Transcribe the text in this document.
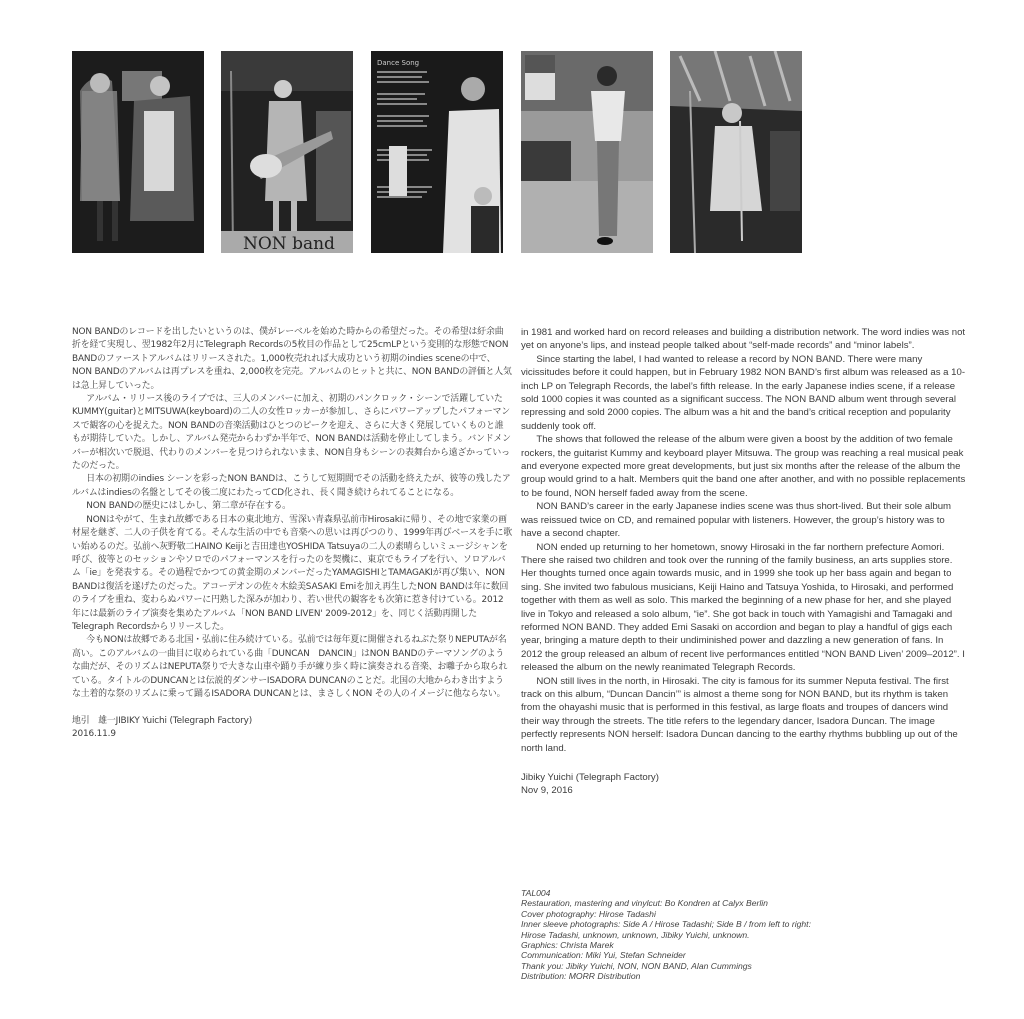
NON band
Dance Song

NON BANDのレコードを出したいというのは、僕がレーベルを始めた時からの希望だった。その希望は紆余曲折を経て実現し、翌1982年2月にTelegraph Recordsの5枚目の作品として25cmLPという変則的な形態でNON BANDのファーストアルバムはリリースされた。1,000枚売れれば大成功という初期のindies sceneの中で、NON BANDのアルバムは再プレスを重ね、2,000枚を完売。アルバムのヒットと共に、NON BANDの評価と人気は急上昇していった。

アルバム・リリース後のライブでは、三人のメンバーに加え、初期のパンクロック・シーンで活躍していたKUMMY(guitar)とMITSUWA(keyboard)の二人の女性ロッカーが参加し、さらにパワーアップしたパフォーマンスで観客の心を捉えた。NON BANDの音楽活動はひとつのピークを迎え、さらに大きく発展していくものと誰もが期待していた。しかし、アルバム発売からわずか半年で、NON BANDは活動を停止してしまう。バンドメンバーが相次いで脱退、代わりのメンバーを見つけられないまま、NON自身もシーンの表舞台から遠ざかっていったのだった。

日本の初期のindies シーンを彩ったNON BANDは、こうして短期間でその活動を終えたが、彼等の残したアルバムはindiesの名盤としてその後二度にわたってCD化され、長く聞き続けられてることになる。

NON BANDの歴史にはしかし、第二章が存在する。

NONはやがて、生まれ故郷である日本の東北地方、雪深い青森県弘前市Hirosakiに帰り、その地で家業の画材屋を継ぎ、二人の子供を育てる。そんな生活の中でも音楽への思いは再びつのり、1999年再びベースを手に歌い始めるのだ。弘前へ灰野敬二HAINO Keijiと吉田達也YOSHIDA Tatsuyaの二人の素晴らしいミュージシャンを呼び、彼等とのセッションやソロでのパフォーマンスを行ったのを契機に、東京でもライブを行い、ソロアルバム「ie」を発表する。その過程でかつての黄金期のメンバーだったYAMAGISHIとTAMAGAKIが再び集い、NON BANDは復活を遂げたのだった。アコーデオンの佐々木絵美SASAKI Emiを加え再生したNON BANDは年に数回のライブを重ね、変わらぬパワーに円熟した深みが加わり、若い世代の観客をも次第に惹き付けている。2012年には最新のライブ演奏を集めたアルバム「NON BAND LIVEN' 2009-2012」を、同じく活動再開したTelegraph Recordsからリリースした。

今もNONは故郷である北国・弘前に住み続けている。弘前では毎年夏に開催されるねぶた祭りNEPUTAが名高い。このアルバムの一曲目に収められている曲「DUNCAN　DANCIN」はNON BANDのテーマソングのような曲だが、そのリズムはNEPUTA祭りで大きな山車や踊り手が練り歩く時に演奏される音楽、お囃子から取られている。タイトルのDUNCANとは伝説的ダンサーISADORA DUNCANのことだ。北国の大地からわき出すような土着的な祭のリズムに乗って踊るISADORA DUNCANとは、まさしくNON その人のイメージに他ならない。

地引　雄一JIBIKY Yuichi (Telegraph Factory)
2016.11.9

in 1981 and worked hard on record releases and building a distribution network. The word indies was not yet on anyone’s lips, and instead people talked about “self-made records” and “minor labels”.

Since starting the label, I had wanted to release a record by NON BAND. There were many vicissitudes before it could happen, but in February 1982 NON BAND’s first album was released as a 10-inch LP on Telegraph Records, the label’s fifth release. In the early Japanese indies scene, if a release sold 1000 copies it was counted as a significant success. The NON BAND album went through several repressing and sold 2000 copies. The album was a hit and the band’s critical reception and popularity suddenly took off.

The shows that followed the release of the album were given a boost by the addition of two female rockers, the guitarist Kummy and keyboard player Mitsuwa. The group was reaching a real musical peak and everyone expected more great developments, but just six months after the release of the album the group would grind to a halt. Members quit the band one after another, and with no possible replacements to be found, NON herself faded away from the scene.

NON BAND’s career in the early Japanese indies scene was thus short-lived. But their sole album was reissued twice on CD, and remained popular with listeners. However, the group’s history was to have a second chapter.

NON ended up returning to her hometown, snowy Hirosaki in the far northern prefecture Aomori. There she raised two children and took over the running of the family business, an arts supplies store. Her thoughts turned once again towards music, and in 1999 she took up her bass again and began to sing. She invited two fabulous musicians, Keiji Haino and Tatsuya Yoshida, to Hirosaki, and performed together with them as well as solo. This marked the beginning of a new phase for her, and she played live in Tokyo and released a solo album, “ie”. She got back in touch with Yamagishi and Tamagaki and reformed NON BAND. They added Emi Sasaki on accordion and began to play a handful of gigs each year, bringing a mature depth to their undiminished power and dazzling a new generation of fans. In 2012 the group released an album of recent live performances entitled “NON BAND Liven’ 2009–2012”. I released the album on the newly reanimated Telegraph Records.

NON still lives in the north, in Hirosaki. The city is famous for its summer Neputa festival. The first track on this album, “Duncan Dancin’” is almost a theme song for NON BAND, but its rhythm is taken from the ohayashi music that is performed in this festival, as large floats and troupes of dancers wind their way through the streets. The title refers to the legendary dancer, Isadora Duncan. The image perfectly represents NON herself: Isadora Duncan dancing to the earthy rhythms bubbling up out of the north land.

Jibiky Yuichi (Telegraph Factory)
Nov 9, 2016
TAL004
Restauration, mastering and vinylcut: Bo Kondren at Calyx Berlin
Cover photography: Hirose Tadashi
Inner sleeve photographs: Side A / Hirose Tadashi; Side B / from left to right:
Hirose Tadashi, unknown, unknown, Jibiky Yuichi, unknown.
Graphics: Christa Marek
Communication: Miki Yui, Stefan Schneider
Thank you: Jibiky Yuichi, NON, NON BAND, Alan Cummings
Distribution: MORR Distribution
